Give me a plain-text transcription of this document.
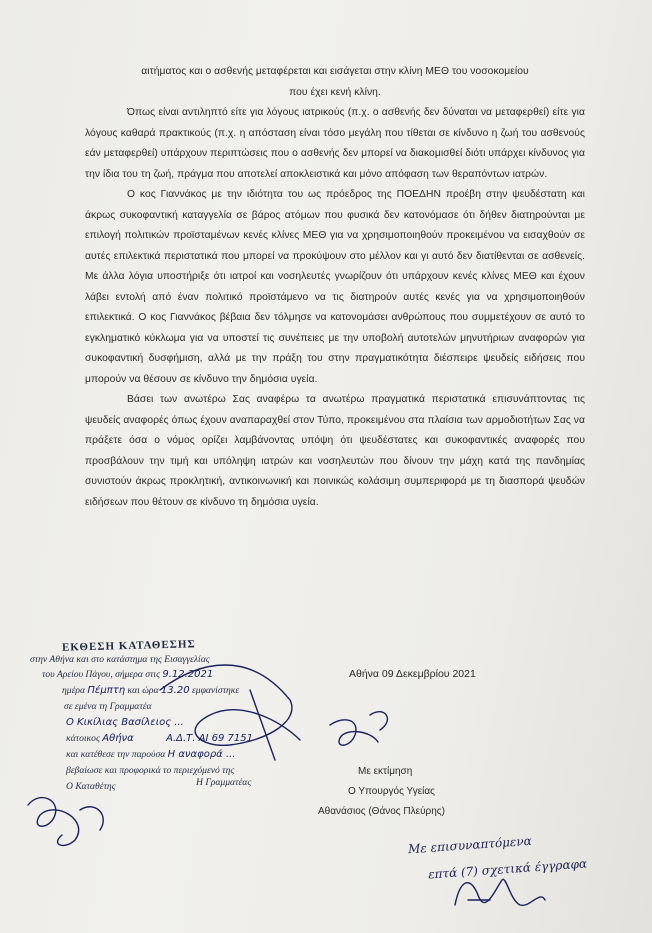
αιτήματος και ο ασθενής μεταφέρεται και εισάγεται στην κλίνη ΜΕΘ του νοσοκομείου

που έχει κενή κλίνη.

Όπως είναι αντιληπτό είτε για λόγους ιατρικούς (π.χ. ο ασθενής δεν δύναται να μεταφερθεί) είτε για λόγους καθαρά πρακτικούς (π.χ. η απόσταση είναι τόσο μεγάλη που τίθεται σε κίνδυνο η ζωή του ασθενούς εάν μεταφερθεί) υπάρχουν περιπτώσεις που ο ασθενής δεν μπορεί να διακομισθεί διότι υπάρχει κίνδυνος για την ίδια του τη ζωή, πράγμα που αποτελεί αποκλειστικά και μόνο απόφαση των θεραπόντων ιατρών.

Ο κος Γιαννάκος με την ιδιότητα του ως πρόεδρος της ΠΟΕΔΗΝ προέβη στην ψευδέστατη και άκρως συκοφαντική καταγγελία σε βάρος ατόμων που φυσικά δεν κατονόμασε ότι δήθεν διατηρούνται με επιλογή πολιτικών προϊσταμένων κενές κλίνες ΜΕΘ για να χρησιμοποιηθούν προκειμένου να εισαχθούν σε αυτές επιλεκτικά περιστατικά που μπορεί να προκύψουν στο μέλλον και γι αυτό δεν διατίθενται σε ασθενείς. Με άλλα λόγια υποστήριξε ότι ιατροί και νοσηλευτές γνωρίζουν ότι υπάρχουν κενές κλίνες ΜΕΘ και έχουν λάβει εντολή από έναν πολιτικό προϊστάμενο να τις διατηρούν αυτές κενές για να χρησιμοποιηθούν επιλεκτικά. Ο κος Γιαννάκος βέβαια δεν τόλμησε να κατονομάσει ανθρώπους που συμμετέχουν σε αυτό το εγκληματικό κύκλωμα για να υποστεί τις συνέπειες με την υποβολή αυτοτελών μηνυτήριων αναφορών για συκοφαντική δυσφήμιση, αλλά με την πράξη του στην πραγματικότητα διέσπειρε ψευδείς ειδήσεις που μπορούν να θέσουν σε κίνδυνο την δημόσια υγεία.

Βάσει των ανωτέρω Σας αναφέρω τα ανωτέρω πραγματικά περιστατικά επισυνάπτοντας τις ψευδείς αναφορές όπως έχουν αναπαραχθεί στον Τύπο, προκειμένου στα πλαίσια των αρμοδιοτήτων Σας να πράξετε όσα ο νόμος ορίζει λαμβάνοντας υπόψη ότι ψευδέστατες και συκοφαντικές αναφορές που προσβάλουν την τιμή και υπόληψη ιατρών και νοσηλευτών που δίνουν την μάχη κατά της πανδημίας συνιστούν άκρως προκλητική, αντικοινωνική και ποινικώς κολάσιμη συμπεριφορά με τη διασπορά ψευδών ειδήσεων που θέτουν σε κίνδυνο τη δημόσια υγεία.

ΕΚΘΕΣΗ ΚΑΤΑΘΕΣΗΣ
στην Αθήνα και στο κατάστημα της Εισαγγελίας
του Αρείου Πάγου, σήμερα στις 9.12.2021
ημέρα Πέμπτη και ώρα 13.20 εμφανίστηκε
σε εμένα τη Γραμματέα
Ο Κικίλιας Βασίλειος ...
κάτοικος Αθήνα	Α.Δ.Τ. ΑΙ 69 7151
και κατέθεσε την παρούσα Η αναφορά ...
βεβαίωσε και προφορικά το περιεχόμενό της
Ο Καταθέτης	Η Γραμματέας
Αθήνα 09 Δεκεμβρίου 2021
Με εκτίμηση
Ο Υπουργός Υγείας
Αθανάσιος (Θάνος Πλεύρης)
Με επισυναπτόμενα
επτά (7) σχετικά έγγραφα
